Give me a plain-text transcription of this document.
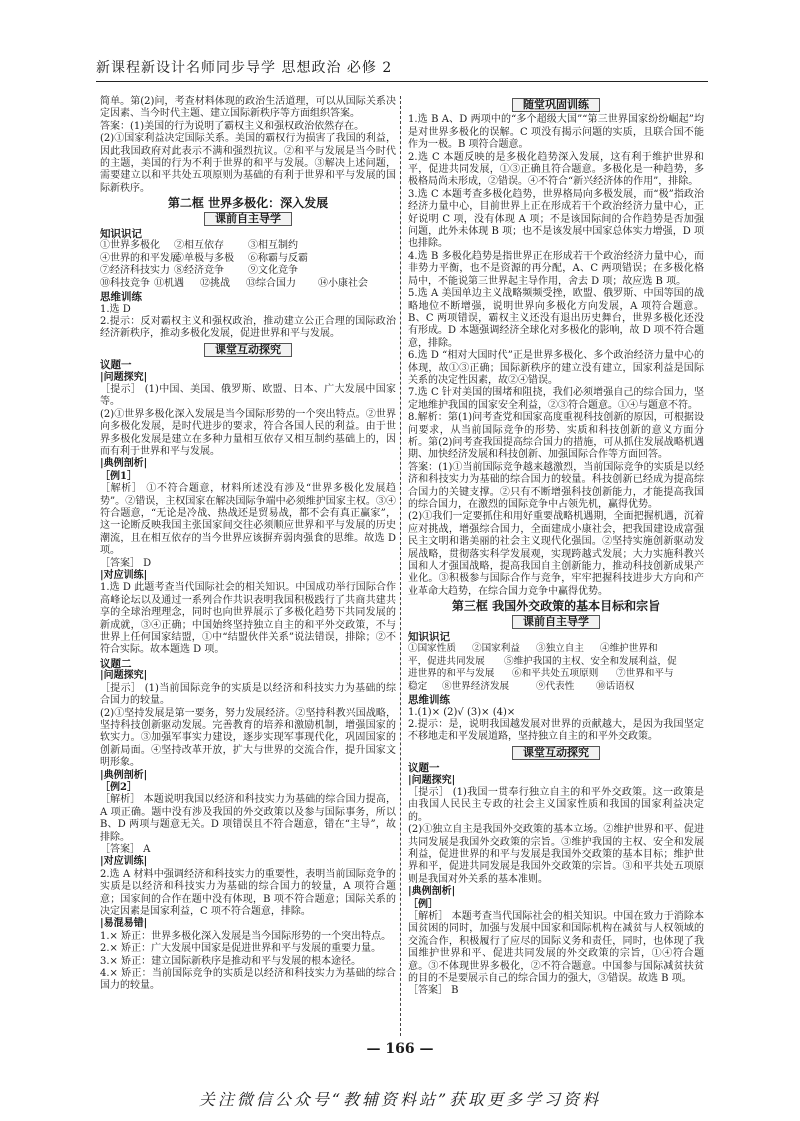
新课程新设计名师同步导学 思想政治 必修 2

简单。第(2)问，考查材料体现的政治生活道理，可以从国际关系决定因素、当今时代主题、建立国际新秩序等方面组织答案。

答案：(1)美国的行为说明了霸权主义和强权政治依然存在。

(2)①国家利益决定国际关系。美国的霸权行为损害了我国的利益，因此我国政府对此表示不满和强烈抗议。②和平与发展是当今时代的主题，美国的行为不利于世界的和平与发展。③解决上述问题，需要建立以和平共处五项原则为基础的有利于世界和平与发展的国际新秩序。

第二框 世界多极化：深入发展
课前自主导学
知识识记
①世界多极化 ②相互依存 ③相互制约
④世界的和平发展⑤单极与多极 ⑥称霸与反霸
⑦经济科技实力 ⑧经济竞争 ⑨文化竞争
⑩科技竞争 ⑪机遇 ⑫挑战 ⑬综合国力 ⑭小康社会
思维训练

1.选 D

2.提示：反对霸权主义和强权政治，推动建立公正合理的国际政治经济新秩序，推动多极化发展，促进世界和平与发展。

课堂互动探究
议题一
|问题探究|

［提示］ (1)中国、美国、俄罗斯、欧盟、日本、广大发展中国家等。

(2)①世界多极化深入发展是当今国际形势的一个突出特点。②世界向多极化发展，是时代进步的要求，符合各国人民的利益。由于世界多极化发展是建立在多种力量相互依存又相互制约基础上的，因而有利于世界和平与发展。

|典例剖析|
［例1］

［解析］ ①不符合题意，材料所述没有涉及“世界多极化发展趋势”。②错误，主权国家在解决国际争端中必须维护国家主权。③④符合题意，“无论是冷战、热战还是贸易战，都不会有真正赢家”，这一论断反映我国主张国家间交往必须顺应世界和平与发展的历史潮流，且在相互依存的当今世界应该摒弃弱肉强食的思维。故选 D 项。

［答案］ D

|对应训练|

1.选 D 此题考查当代国际社会的相关知识。中国成功举行国际合作高峰论坛以及通过一系列合作共识表明我国积极践行了共商共建共享的全球治理理念，同时也向世界展示了多极化趋势下共同发展的新成就，③④正确；中国始终坚持独立自主的和平外交政策，不与世界上任何国家结盟，①中“结盟伙伴关系”说法错误，排除；②不符合实际。故本题选 D 项。

议题二
|问题探究|

［提示］ (1)当前国际竞争的实质是以经济和科技实力为基础的综合国力的较量。

(2)①坚持发展是第一要务，努力发展经济。②坚持科教兴国战略，坚持科技创新驱动发展。完善教育的培养和激励机制，增强国家的软实力。③加强军事实力建设，逐步实现军事现代化，巩固国家的创新局面。④坚持改革开放，扩大与世界的交流合作，提升国家文明形象。

|典例剖析|
［例2］

［解析］ 本题说明我国以经济和科技实力为基础的综合国力提高，A 项正确。题中没有涉及我国的外交政策以及参与国际事务，所以 B、D 两项与题意无关。D 项错误且不符合题意，错在“主导”，故排除。

［答案］ A

|对应训练|

2.选 A 材料中强调经济和科技实力的重要性，表明当前国际竞争的实质是以经济和科技实力为基础的综合国力的较量，A 项符合题意；国家间的合作在题中没有体现，B 项不符合题意；国际关系的决定因素是国家利益，C 项不符合题意，排除。

|易混易错|

1.× 矫正：世界多极化深入发展是当今国际形势的一个突出特点。

2.× 矫正：广大发展中国家是促进世界和平与发展的重要力量。

3.× 矫正：建立国际新秩序是推动和平与发展的根本途径。

4.× 矫正：当前国际竞争的实质是以经济和科技实力为基础的综合国力的较量。

随堂巩固训练

1.选 B A、D 两项中的“多个超级大国”“第三世界国家纷纷崛起”均是对世界多极化的误解。C 项没有揭示问题的实质，且联合国不能作为一极。B 项符合题意。

2.选 C 本题反映的是多极化趋势深入发展，这有利于维护世界和平，促进共同发展，①③正确且符合题意。多极化是一种趋势，多极格局尚未形成，②错误。④不符合“新兴经济体的作用”，排除。

3.选 C 本题考查多极化趋势，世界格局向多极发展，而“极”指政治经济力量中心，目前世界上正在形成若干个政治经济力量中心，正好说明 C 项，没有体现 A 项；不是该国际间的合作趋势是否加强问题，此外未体现 B 项；也不是该发展中国家总体实力增强，D 项也排除。

4.选 B 多极化趋势是指世界正在形成若干个政治经济力量中心，而非势力平衡，也不是资源的再分配，A、C 两项错误；在多极化格局中，不能说第三世界起主导作用，舍去 D 项；故应选 B 项。

5.选 A 美国单边主义战略频频受挫，欧盟、俄罗斯、中国等国的战略地位不断增强，说明世界向多极化方向发展，A 项符合题意。B、C 两项错误，霸权主义还没有退出历史舞台，世界多极化还没有形成。D 本题强调经济全球化对多极化的影响，故 D 项不符合题意，排除。

6.选 D “相对大国时代”正是世界多极化、多个政治经济力量中心的体现，故①③正确；国际新秩序的建立没有建立，国家利益是国际关系的决定性因素，故②④错误。

7.选 C 针对美国的围堵和阻挠，我们必须增强自己的综合国力，坚定地维护我国的国家安全利益，②③符合题意。①④与题意不符。

8.解析：第(1)问考查党和国家高度重视科技创新的原因，可根据设问要求，从当前国际竞争的形势、实质和科技创新的意义方面分析。第(2)问考查我国提高综合国力的措施，可从抓住发展战略机遇期、加快经济发展和科技创新、加强国际合作等方面回答。

答案：(1)①当前国际竞争越来越激烈，当前国际竞争的实质是以经济和科技实力为基础的综合国力的较量。科技创新已经成为提高综合国力的关键支撑。②只有不断增强科技创新能力，才能提高我国的综合国力，在激烈的国际竞争中占领先机，赢得优势。

(2)①我们一定要抓住和用好重要战略机遇期，全面把握机遇，沉着应对挑战，增强综合国力，全面建成小康社会，把我国建设成富强民主文明和谐美丽的社会主义现代化强国。②坚持实施创新驱动发展战略，贯彻落实科学发展观，实现跨越式发展；大力实施科教兴国和人才强国战略，提高我国自主创新能力，推动科技创新成果产业化。③积极参与国际合作与竞争，牢牢把握科技进步大方向和产业革命大趋势，在综合国力竞争中赢得优势。

第三框 我国外交政策的基本目标和宗旨
课前自主导学
知识识记
①国家性质 ②国家利益 ③独立自主 ④维护世界和
平，促进共同发展 ⑤维护我国的主权、安全和发展利益，促
进世界的和平与发展 ⑥和平共处五项原则 ⑦世界和平与
稳定 ⑧世界经济发展	⑨代表性 ⑩话语权
思维训练

1.(1)× (2)√ (3)× (4)×

2.提示：是，说明我国越发展对世界的贡献越大，是因为我国坚定不移地走和平发展道路，坚持独立自主的和平外交政策。

课堂互动探究
议题一
|问题探究|

［提示］ (1)我国一贯奉行独立自主的和平外交政策。这一政策是由我国人民民主专政的社会主义国家性质和我国的国家利益决定的。

(2)①独立自主是我国外交政策的基本立场。②维护世界和平、促进共同发展是我国外交政策的宗旨。③维护我国的主权、安全和发展利益，促进世界的和平与发展是我国外交政策的基本目标；维护世界和平，促进共同发展是我国外交政策的宗旨。③和平共处五项原则是我国对外关系的基本准则。

|典例剖析|
［例］

［解析］ 本题考查当代国际社会的相关知识。中国在致力于消除本国贫困的同时，加强与发展中国家和国际机构在减贫与人权领域的交流合作，积极履行了应尽的国际义务和责任，同时，也体现了我国维护世界和平、促进共同发展的外交政策的宗旨，①④符合题意。③不体现世界多极化，②不符合题意。中国参与国际减贫扶贫的目的不是要展示自己的综合国力的强大，③错误。故选 B 项。

［答案］ B

— 166 —
关注微信公众号“教辅资料站”获取更多学习资料
